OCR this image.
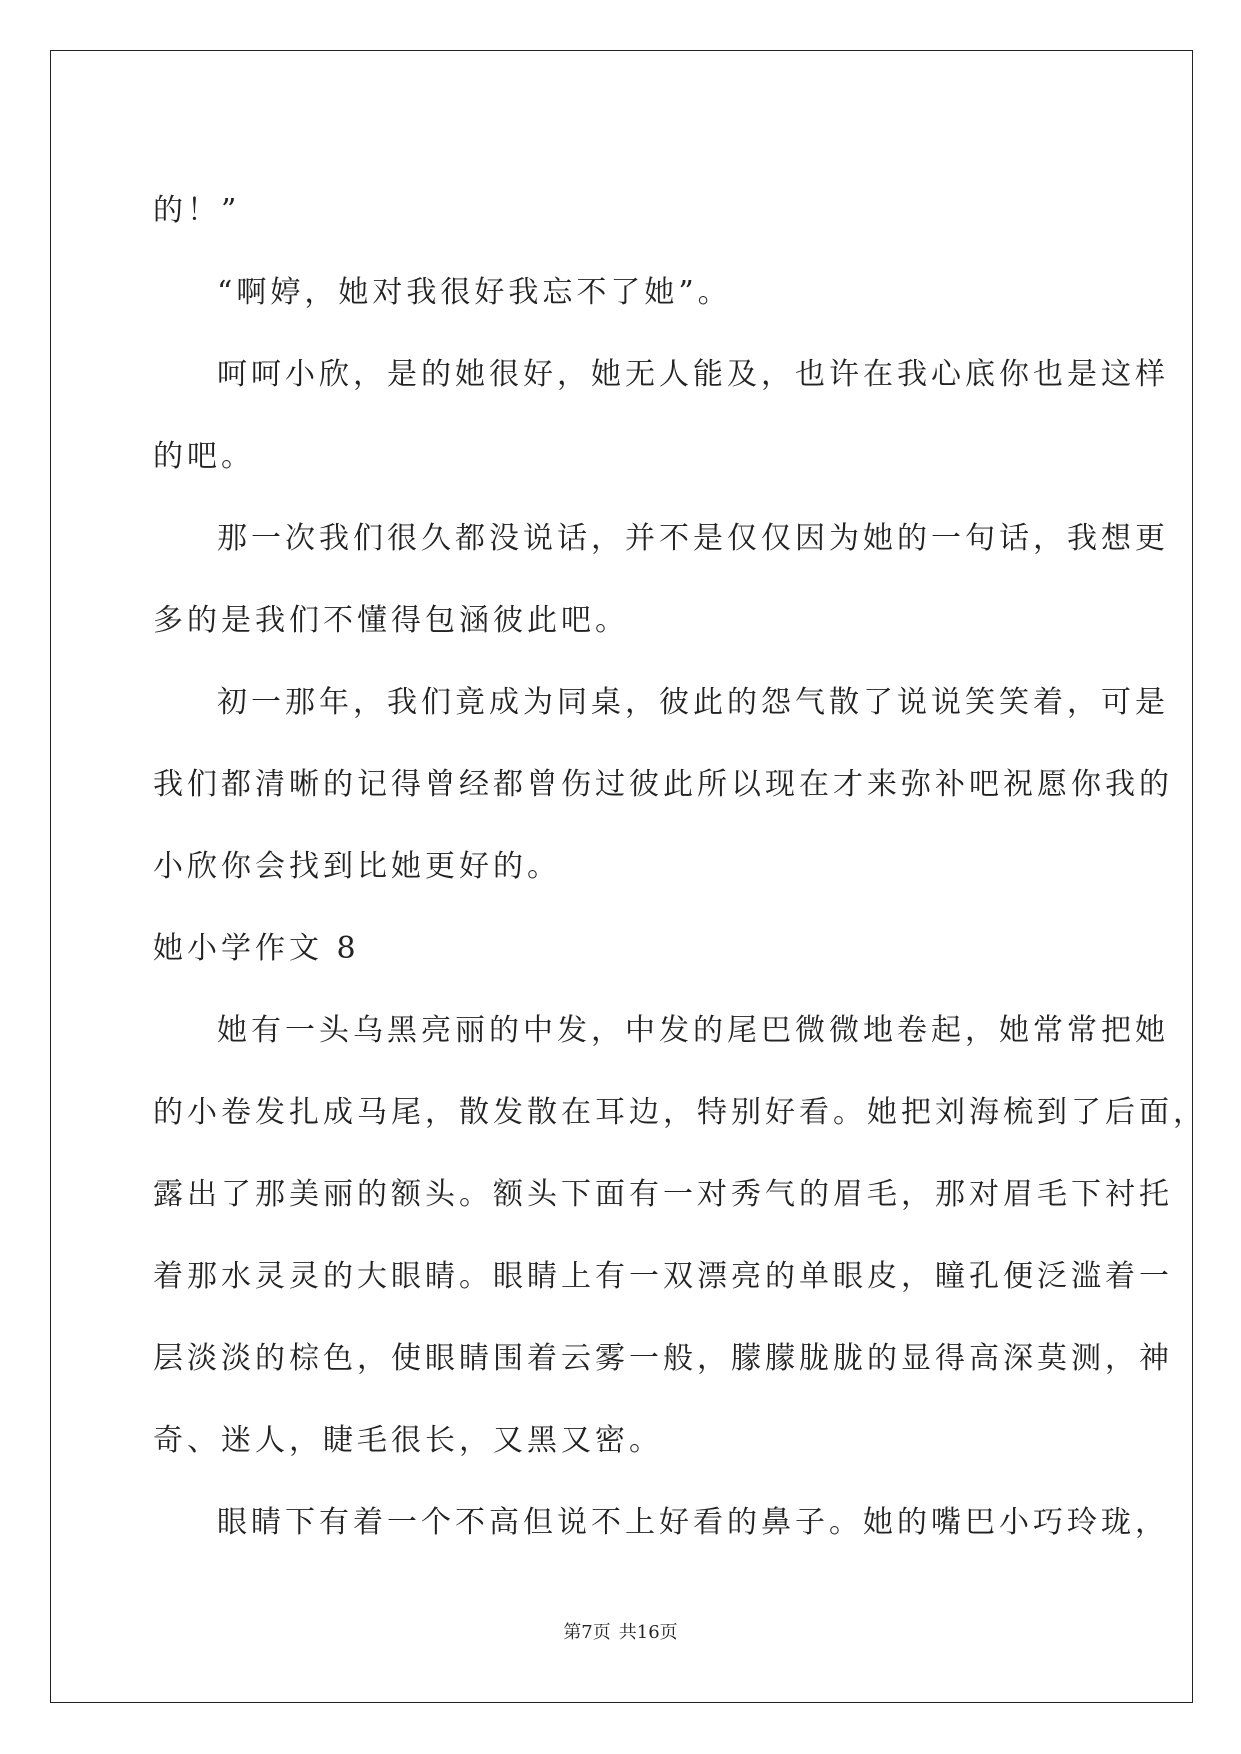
的！”

“啊婷，她对我很好我忘不了她”。

呵呵小欣，是的她很好，她无人能及，也许在我心底你也是这样

的吧。

那一次我们很久都没说话，并不是仅仅因为她的一句话，我想更

多的是我们不懂得包涵彼此吧。

初一那年，我们竟成为同桌，彼此的怨气散了说说笑笑着，可是

我们都清晰的记得曾经都曾伤过彼此所以现在才来弥补吧祝愿你我的

小欣你会找到比她更好的。

她小学作文 8

她有一头乌黑亮丽的中发，中发的尾巴微微地卷起，她常常把她

的小卷发扎成马尾，散发散在耳边，特别好看。她把刘海梳到了后面，

露出了那美丽的额头。额头下面有一对秀气的眉毛，那对眉毛下衬托

着那水灵灵的大眼睛。眼睛上有一双漂亮的单眼皮，瞳孔便泛滥着一

层淡淡的棕色，使眼睛围着云雾一般，朦朦胧胧的显得高深莫测，神

奇、迷人，睫毛很长，又黑又密。

眼睛下有着一个不高但说不上好看的鼻子。她的嘴巴小巧玲珑，

第7页 共16页
